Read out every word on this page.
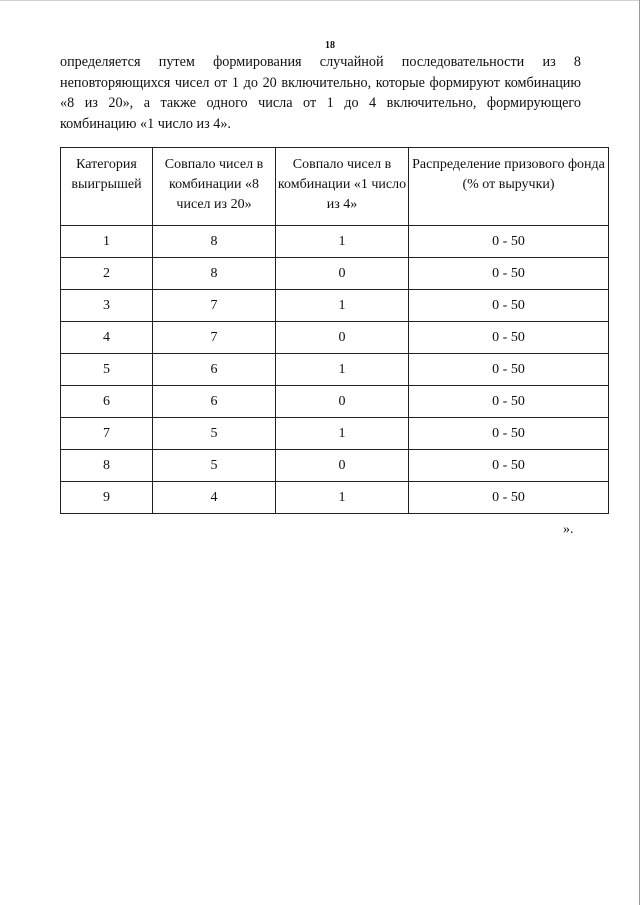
18
определяется путем формирования случайной последовательности из 8
неповторяющихся чисел от 1 до 20 включительно, которые формируют комбинацию
«8 из 20», а также одного числа от 1 до 4 включительно, формирующего
комбинацию «1 число из 4».
Категория выигрышей	Совпало чисел в комбинации «8 чисел из 20»	Совпало чисел в комбинации «1 число из 4»	Распределение призового фонда (% от выручки)
1	8	1	0 - 50
2	8	0	0 - 50
3	7	1	0 - 50
4	7	0	0 - 50
5	6	1	0 - 50
6	6	0	0 - 50
7	5	1	0 - 50
8	5	0	0 - 50
9	4	1	0 - 50
».
